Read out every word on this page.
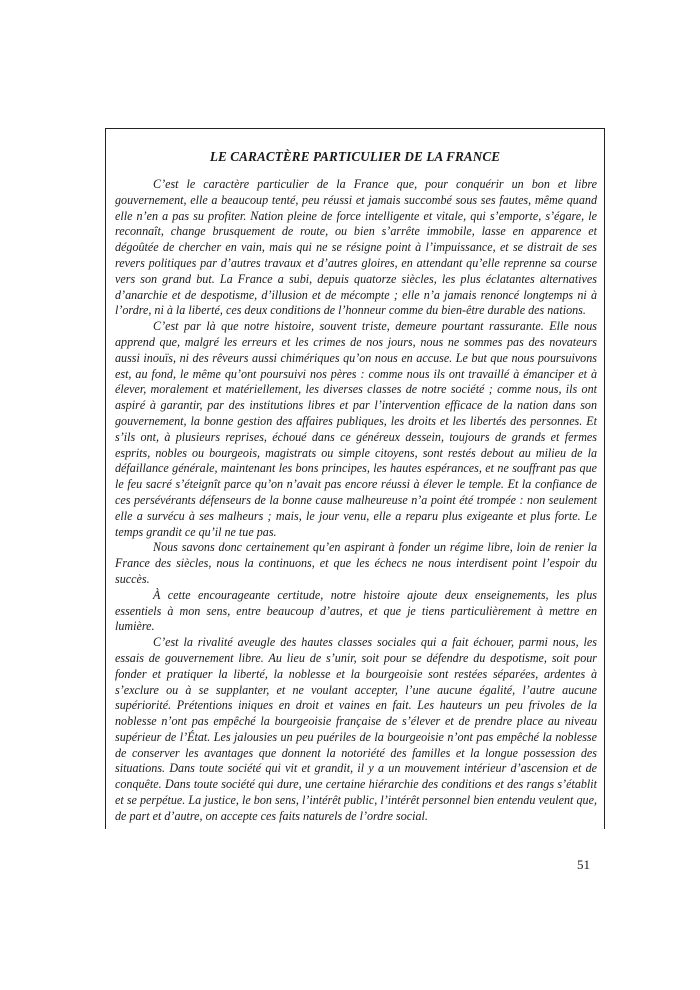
LE CARACTÈRE PARTICULIER DE LA FRANCE

C’est le caractère particulier de la France que, pour conquérir un bon et libre gouvernement, elle a beaucoup tenté, peu réussi et jamais succombé sous ses fautes, même quand elle n’en a pas su profiter. Nation pleine de force intelligente et vitale, qui s’emporte, s’égare, le reconnaît, change brusquement de route, ou bien s’arrête immobile, lasse en apparence et dégoûtée de chercher en vain, mais qui ne se résigne point à l’impuissance, et se distrait de ses revers politiques par d’autres travaux et d’autres gloires, en attendant qu’elle reprenne sa course vers son grand but. La France a subi, depuis quatorze siècles, les plus éclatantes alternatives d’anarchie et de despotisme, d’illusion et de mécompte ; elle n’a jamais renoncé longtemps ni à l’ordre, ni à la liberté, ces deux conditions de l’honneur comme du bien-être durable des nations.

C’est par là que notre histoire, souvent triste, demeure pourtant rassurante. Elle nous apprend que, malgré les erreurs et les crimes de nos jours, nous ne sommes pas des novateurs aussi inouïs, ni des rêveurs aussi chimériques qu’on nous en accuse. Le but que nous poursuivons est, au fond, le même qu’ont poursuivi nos pères : comme nous ils ont travaillé à émanciper et à élever, moralement et matériellement, les diverses classes de notre société ; comme nous, ils ont aspiré à garantir, par des institutions libres et par l’intervention efficace de la nation dans son gouvernement, la bonne gestion des affaires publiques, les droits et les libertés des personnes. Et s’ils ont, à plusieurs reprises, échoué dans ce généreux dessein, toujours de grands et fermes esprits, nobles ou bourgeois, magistrats ou simple citoyens, sont restés debout au milieu de la défaillance générale, maintenant les bons principes, les hautes espérances, et ne souffrant pas que le feu sacré s’éteignît parce qu’on n’avait pas encore réussi à élever le temple. Et la confiance de ces persévérants défenseurs de la bonne cause malheureuse n’a point été trompée : non seulement elle a survécu à ses malheurs ; mais, le jour venu, elle a reparu plus exigeante et plus forte. Le temps grandit ce qu’il ne tue pas.

Nous savons donc certainement qu’en aspirant à fonder un régime libre, loin de renier la France des siècles, nous la continuons, et que les échecs ne nous interdisent point l’espoir du succès.

À cette encourageante certitude, notre histoire ajoute deux enseignements, les plus essentiels à mon sens, entre beaucoup d’autres, et que je tiens particulièrement à mettre en lumière.

C’est la rivalité aveugle des hautes classes sociales qui a fait échouer, parmi nous, les essais de gouvernement libre. Au lieu de s’unir, soit pour se défendre du despotisme, soit pour fonder et pratiquer la liberté, la noblesse et la bourgeoisie sont restées séparées, ardentes à s’exclure ou à se supplanter, et ne voulant accepter, l’une aucune égalité, l’autre aucune supériorité. Prétentions iniques en droit et vaines en fait. Les hauteurs un peu frivoles de la noblesse n’ont pas empêché la bourgeoisie française de s’élever et de prendre place au niveau supérieur de l’État. Les jalousies un peu puériles de la bourgeoisie n’ont pas empêché la noblesse de conserver les avantages que donnent la notoriété des familles et la longue possession des situations. Dans toute société qui vit et grandit, il y a un mouvement intérieur d’ascension et de conquête. Dans toute société qui dure, une certaine hiérarchie des conditions et des rangs s’établit et se perpétue. La justice, le bon sens, l’intérêt public, l’intérêt personnel bien entendu veulent que, de part et d’autre, on accepte ces faits naturels de l’ordre social.

51
